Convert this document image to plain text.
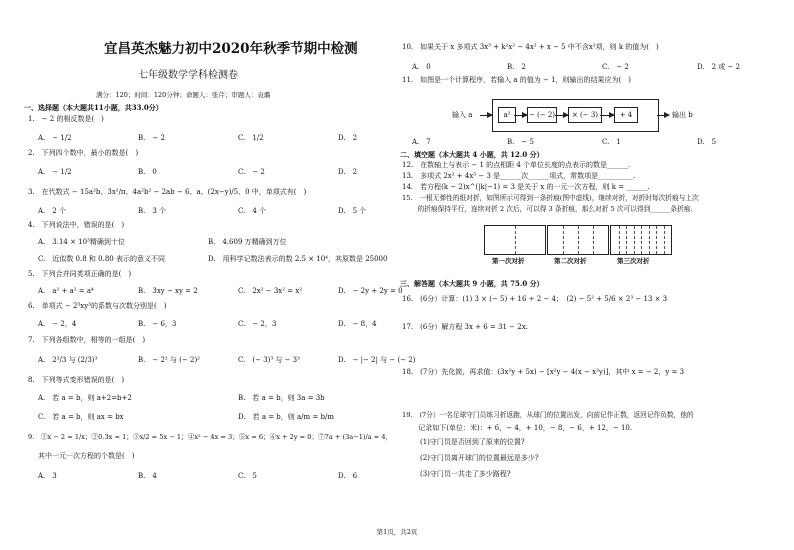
宜昌英杰魅力初中2020年秋季节期中检测
七年级数学学科检测卷
满分：120；时间：120分钟；命题人：张芹；审题人：袁璐
一、选择题（本大题共11小题，共33.0分）
1.　− 2 的相反数是(　)
A.　− 1/2	B.　− 2	C.　1/2	D.　2
2.　下列四个数中，最小的数是(　)
A.　− 1/2	B.　0	C.　− 2	D.　2
3.　在代数式 − 15a²b、3x²/π、4a²b² − 2ab − 6、a、(2x−y)/5、0 中，单项式有(　)
A.　2 个	B.　3 个	C.　4 个	D.　5 个
4.　下列说法中，错误的是(　)
A.　3.14 × 10³精确到十位	B.　4.609 万精确到万位
C.　近似数 0.8 和 0.80 表示的意义不同	D.　用科学记数法表示的数 2.5 × 10⁴，其原数是 25000
5.　下列合并同类项正确的是(　)
A.　a² + a² = a⁴	B.　3xy − xy = 2	C.　2x² − 3x² = x²	D.　− 2y + 2y = 0
6.　单项式 − 2³xy³的系数与次数分别是(　)
A.　− 2，4	B.　− 6，3	C.　− 2，3	D.　− 8，4
7.　下列各组数中，相等的一组是(　)
A.　2³/3 与 (2/3)³	B.　− 2² 与 (− 2)²	C.　(− 3)³ 与 − 3³	D.　− |− 2| 与 − (− 2)
8.　下列等式变形错误的是(　)
A.　若 a = b，则 a+2=b+2	B.　若 a = b，则 3a = 3b
C.　若 a = b，则 ax = bx	D.　若 a = b，则 a/m = b/m
9.　①x − 2 = 1/x；②0.3x = 1；③x/2 = 5x − 1；④x² − 4x = 3；⑤x = 6；⑥x + 2y = 0；⑦7a + (3a−1)/a = 4，
其中一元一次方程的个数是(　)
A.　3	B.　4	C.　5	D.　6
10.　如果关于 x 多项式 3x³ + k²x² − 4x² + x − 5 中不含x²项，则 k 的值为(　)
A.　0	B.　2	C.　− 2	D.　2 或 − 2
11.　如图是一个计算程序，若输入 a 的值为 − 1，则输出的结果应为(　)
输入 a	a²	− (− 2)	× (− 3)	+ 4	输出 b
A.　7	B.　− 5	C.　1	D.　5
二、填空题（本大题共 4 小题，共 12.0 分）
12.　在数轴上与表示 − 1 的点相距 4 个单位长度的点表示的数是______.
13.　多项式 2x² + 4x³ − 3 是______次______项式，常数项是__________.
14.　若方程(k − 2)x^(|k|−1) = 3 是关于 x 的一元一次方程，则 k = ______.
15.　一根无弹性的纸对折，如图所示可得到一条折痕(图中虚线)，继续对折，对折时每次折痕与上次
　　 的折痕保持平行，连续对折 2 次后，可以得 3 条折痕，那么对折 5 次可以得到______条折痕.
第一次对折	第二次对折	第三次对折
三、解答题（本大题共 9 小题，共 75.0 分）
16.　(6分）计算：(1) 3 × (− 5) + 16 ÷ 2 − 4；　(2) − 5² + 5/6 × 2³ − 13 × 3
17.　(6分）解方程 3x + 6 = 31 − 2x.
18.　(7分）先化简，再求值：(3x²y + 5x) − [x²y − 4(x − x²y)]，其中 x = − 2，y = 3
19.　(7分）一名足球守门员练习折返跑，从球门的位置出发，向前记作正数，返回记作负数，他的
　　 记录如下(单位：米)：+ 6，− 4，+ 10，− 8，− 6，+ 12，− 10.
(1)守门员是否回到了原来的位置?
(2)守门员离开球门的位置最远是多少?
(3)守门员一共走了多少路程?
第1页，共2页
